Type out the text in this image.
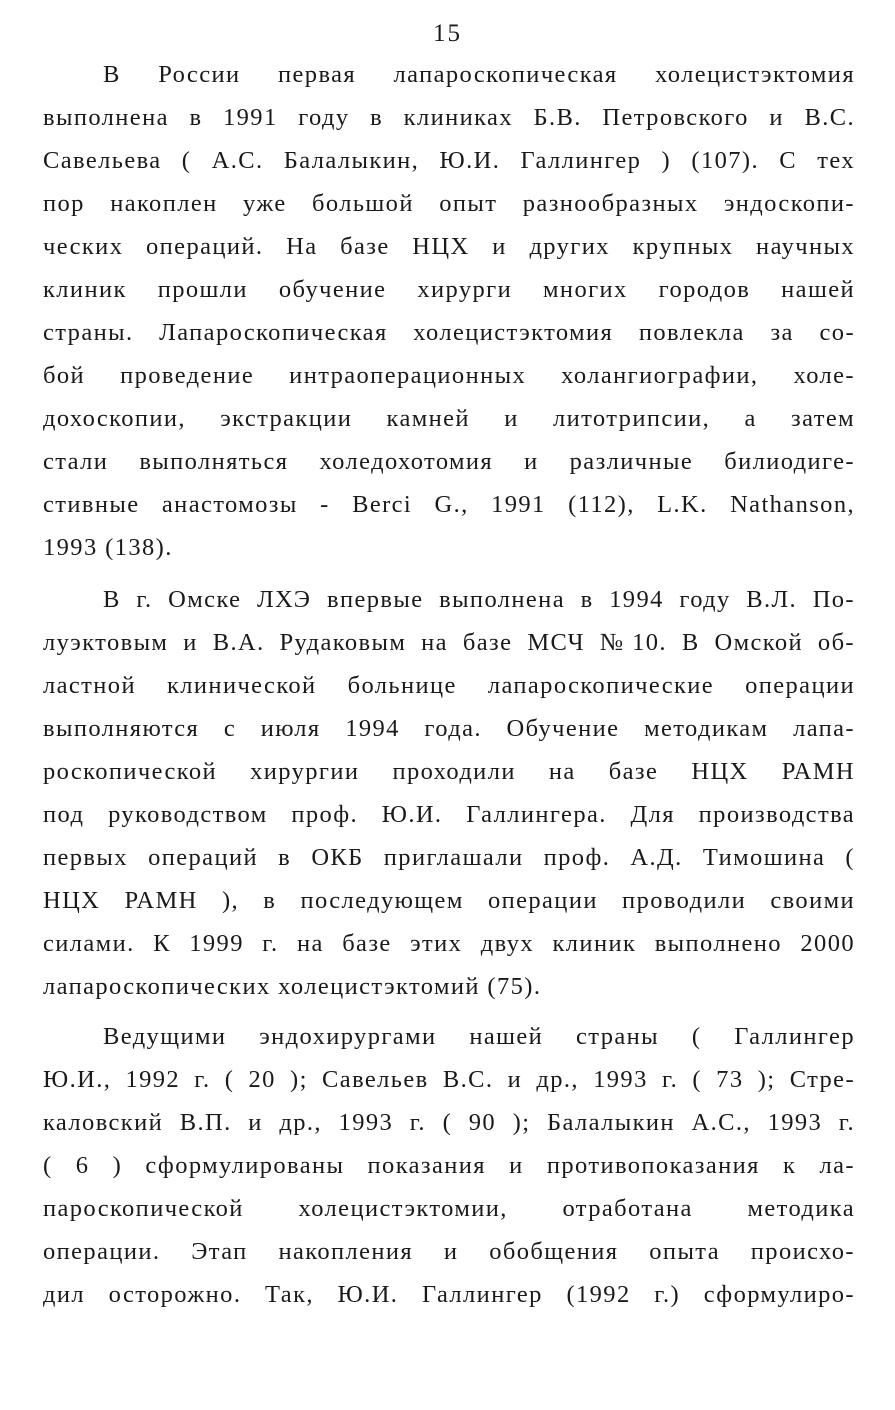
15
В России первая лапароскопическая холецистэктомия
выполнена в 1991 году в клиниках Б.В. Петровского и В.С.
Савельева ( А.С. Балалыкин, Ю.И. Галлингер ) (107). С тех
пор накоплен уже большой опыт разнообразных эндоскопи-
ческих операций. На базе НЦХ и других крупных научных
клиник прошли обучение хирурги многих городов нашей
страны. Лапароскопическая холецистэктомия повлекла за со-
бой проведение интраоперационных холангиографии, холе-
дохоскопии, экстракции камней и литотрипсии, а затем
стали выполняться холедохотомия и различные билиодиге-
стивные анастомозы - Berci G., 1991 (112), L.K. Nathanson,
1993 (138).
В г. Омске ЛХЭ впервые выполнена в 1994 году В.Л. По-
луэктовым и В.А. Рудаковым на базе МСЧ №10. В Омской об-
ластной клинической больнице лапароскопические операции
выполняются с июля 1994 года. Обучение методикам лапа-
роскопической хирургии проходили на базе НЦХ РАМН
под руководством проф. Ю.И. Галлингера. Для производства
первых операций в ОКБ приглашали проф. А.Д. Тимошина (
НЦХ РАМН ), в последующем операции проводили своими
силами. К 1999 г. на базе этих двух клиник выполнено 2000
лапароскопических холецистэктомий (75).
Ведущими эндохирургами нашей страны ( Галлингер
Ю.И., 1992 г. ( 20 ); Савельев В.С. и др., 1993 г. ( 73 ); Стре-
каловский В.П. и др., 1993 г. ( 90 ); Балалыкин А.С., 1993 г.
( 6 ) сформулированы показания и противопоказания к ла-
пароскопической холецистэктомии, отработана методика
операции. Этап накопления и обобщения опыта происхо-
дил осторожно. Так, Ю.И. Галлингер (1992 г.) сформулиро-
